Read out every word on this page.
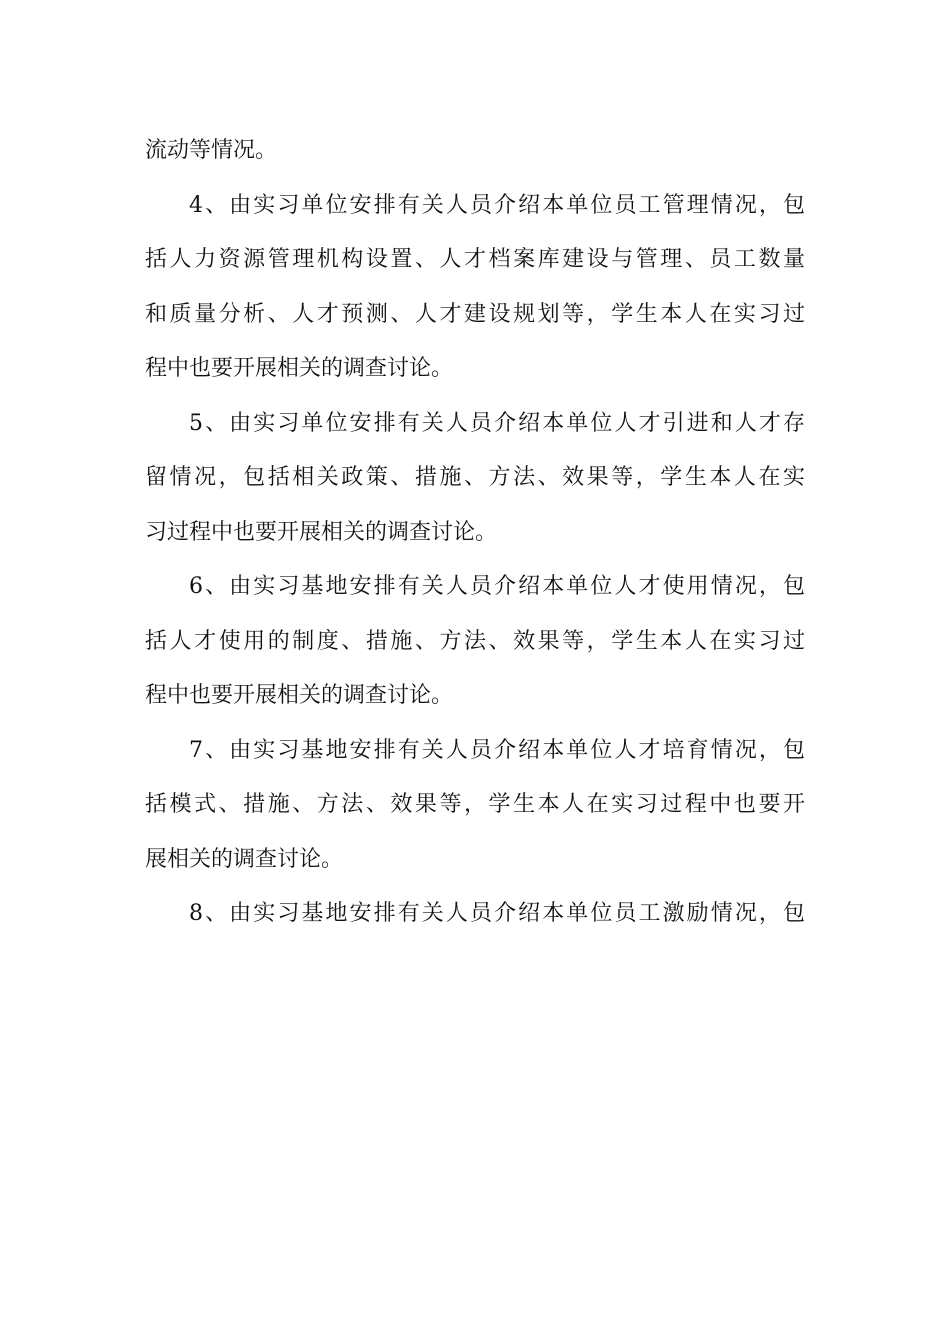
流动等情况。
4、由实习单位安排有关人员介绍本单位员工管理情况，包
括人力资源管理机构设置、人才档案库建设与管理、员工数量
和质量分析、人才预测、人才建设规划等，学生本人在实习过
程中也要开展相关的调查讨论。
5、由实习单位安排有关人员介绍本单位人才引进和人才存
留情况，包括相关政策、措施、方法、效果等，学生本人在实
习过程中也要开展相关的调查讨论。
6、由实习基地安排有关人员介绍本单位人才使用情况，包
括人才使用的制度、措施、方法、效果等，学生本人在实习过
程中也要开展相关的调查讨论。
7、由实习基地安排有关人员介绍本单位人才培育情况，包
括模式、措施、方法、效果等，学生本人在实习过程中也要开
展相关的调查讨论。
8、由实习基地安排有关人员介绍本单位员工激励情况，包
